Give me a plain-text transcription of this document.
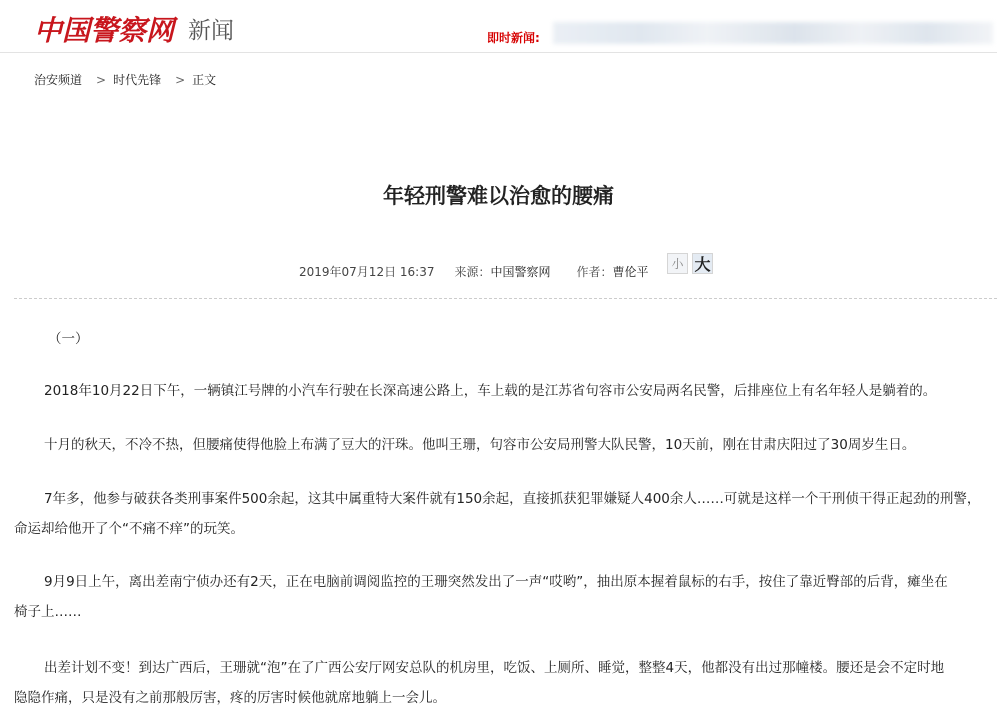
中国警察网 新闻	即时新闻:
治安频道 > 时代先锋 > 正文
年轻刑警难以治愈的腰痛
2019年07月12日 16:37 来源： 中国警察网 作者： 曹伦平
小 大

（一）

2018年10月22日下午，一辆镇江号牌的小汽车行驶在长深高速公路上，车上载的是江苏省句容市公安局两名民警，后排座位上有名年轻人是躺着的。

十月的秋天，不冷不热，但腰痛使得他脸上布满了豆大的汗珠。他叫王珊，句容市公安局刑警大队民警，10天前，刚在甘肃庆阳过了30周岁生日。

7年多，他参与破获各类刑事案件500余起，这其中属重特大案件就有150余起，直接抓获犯罪嫌疑人400余人……可就是这样一个干刑侦干得正起劲的刑警，
命运却给他开了个“不痛不痒”的玩笑。

9月9日上午，离出差南宁侦办还有2天，正在电脑前调阅监控的王珊突然发出了一声“哎哟”，抽出原本握着鼠标的右手，按住了靠近臀部的后背，瘫坐在
椅子上……

出差计划不变！到达广西后，王珊就“泡”在了广西公安厅网安总队的机房里，吃饭、上厕所、睡觉，整整4天，他都没有出过那幢楼。腰还是会不定时地
隐隐作痛，只是没有之前那般厉害，疼的厉害时候他就席地躺上一会儿。
